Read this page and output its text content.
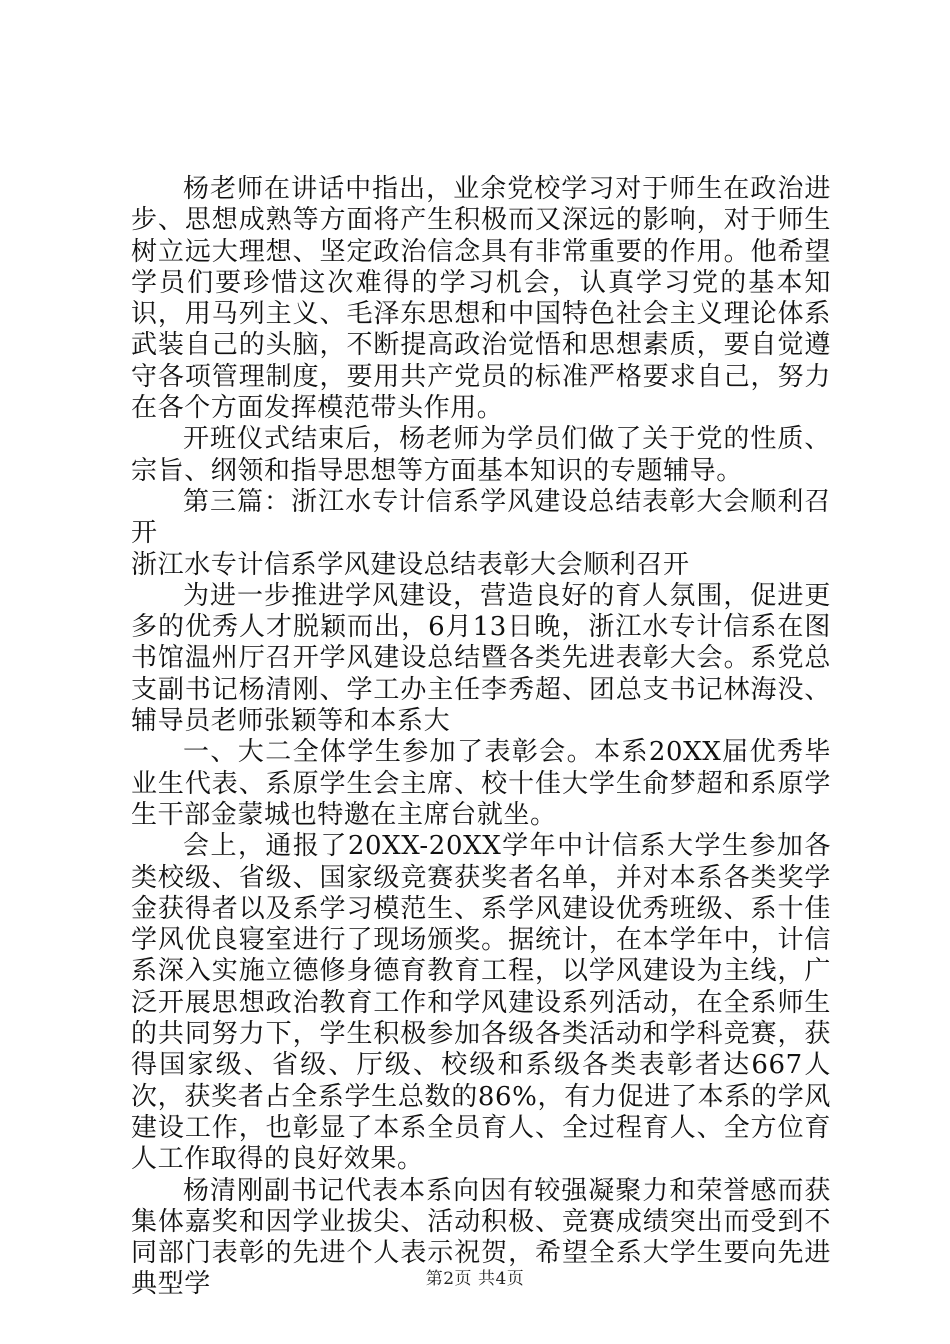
杨老师在讲话中指出，业余党校学习对于师生在政治进步、思想成熟等方面将产生积极而又深远的影响，对于师生树立远大理想、坚定政治信念具有非常重要的作用。他希望学员们要珍惜这次难得的学习机会，认真学习党的基本知识，用马列主义、毛泽东思想和中国特色社会主义理论体系武装自己的头脑，不断提高政治觉悟和思想素质，要自觉遵守各项管理制度，要用共产党员的标准严格要求自己，努力在各个方面发挥模范带头作用。

开班仪式结束后，杨老师为学员们做了关于党的性质、宗旨、纲领和指导思想等方面基本知识的专题辅导。

第三篇：浙江水专计信系学风建设总结表彰大会顺利召开

浙江水专计信系学风建设总结表彰大会顺利召开

为进一步推进学风建设，营造良好的育人氛围，促进更多的优秀人才脱颖而出，6月13日晚，浙江水专计信系在图书馆温州厅召开学风建设总结暨各类先进表彰大会。系党总支副书记杨清刚、学工办主任李秀超、团总支书记林海没、辅导员老师张颖等和本系大

一、大二全体学生参加了表彰会。本系20XX届优秀毕业生代表、系原学生会主席、校十佳大学生俞梦超和系原学生干部金蒙城也特邀在主席台就坐。

会上，通报了20XX-20XX学年中计信系大学生参加各类校级、省级、国家级竞赛获奖者名单，并对本系各类奖学金获得者以及系学习模范生、系学风建设优秀班级、系十佳学风优良寝室进行了现场颁奖。据统计，在本学年中，计信系深入实施立德修身德育教育工程，以学风建设为主线，广泛开展思想政治教育工作和学风建设系列活动，在全系师生的共同努力下，学生积极参加各级各类活动和学科竞赛，获得国家级、省级、厅级、校级和系级各类表彰者达667人次，获奖者占全系学生总数的86%，有力促进了本系的学风建设工作，也彰显了本系全员育人、全过程育人、全方位育人工作取得的良好效果。

杨清刚副书记代表本系向因有较强凝聚力和荣誉感而获集体嘉奖和因学业拔尖、活动积极、竞赛成绩突出而受到不同部门表彰的先进个人表示祝贺，希望全系大学生要向先进典型学	第2页 共4页
